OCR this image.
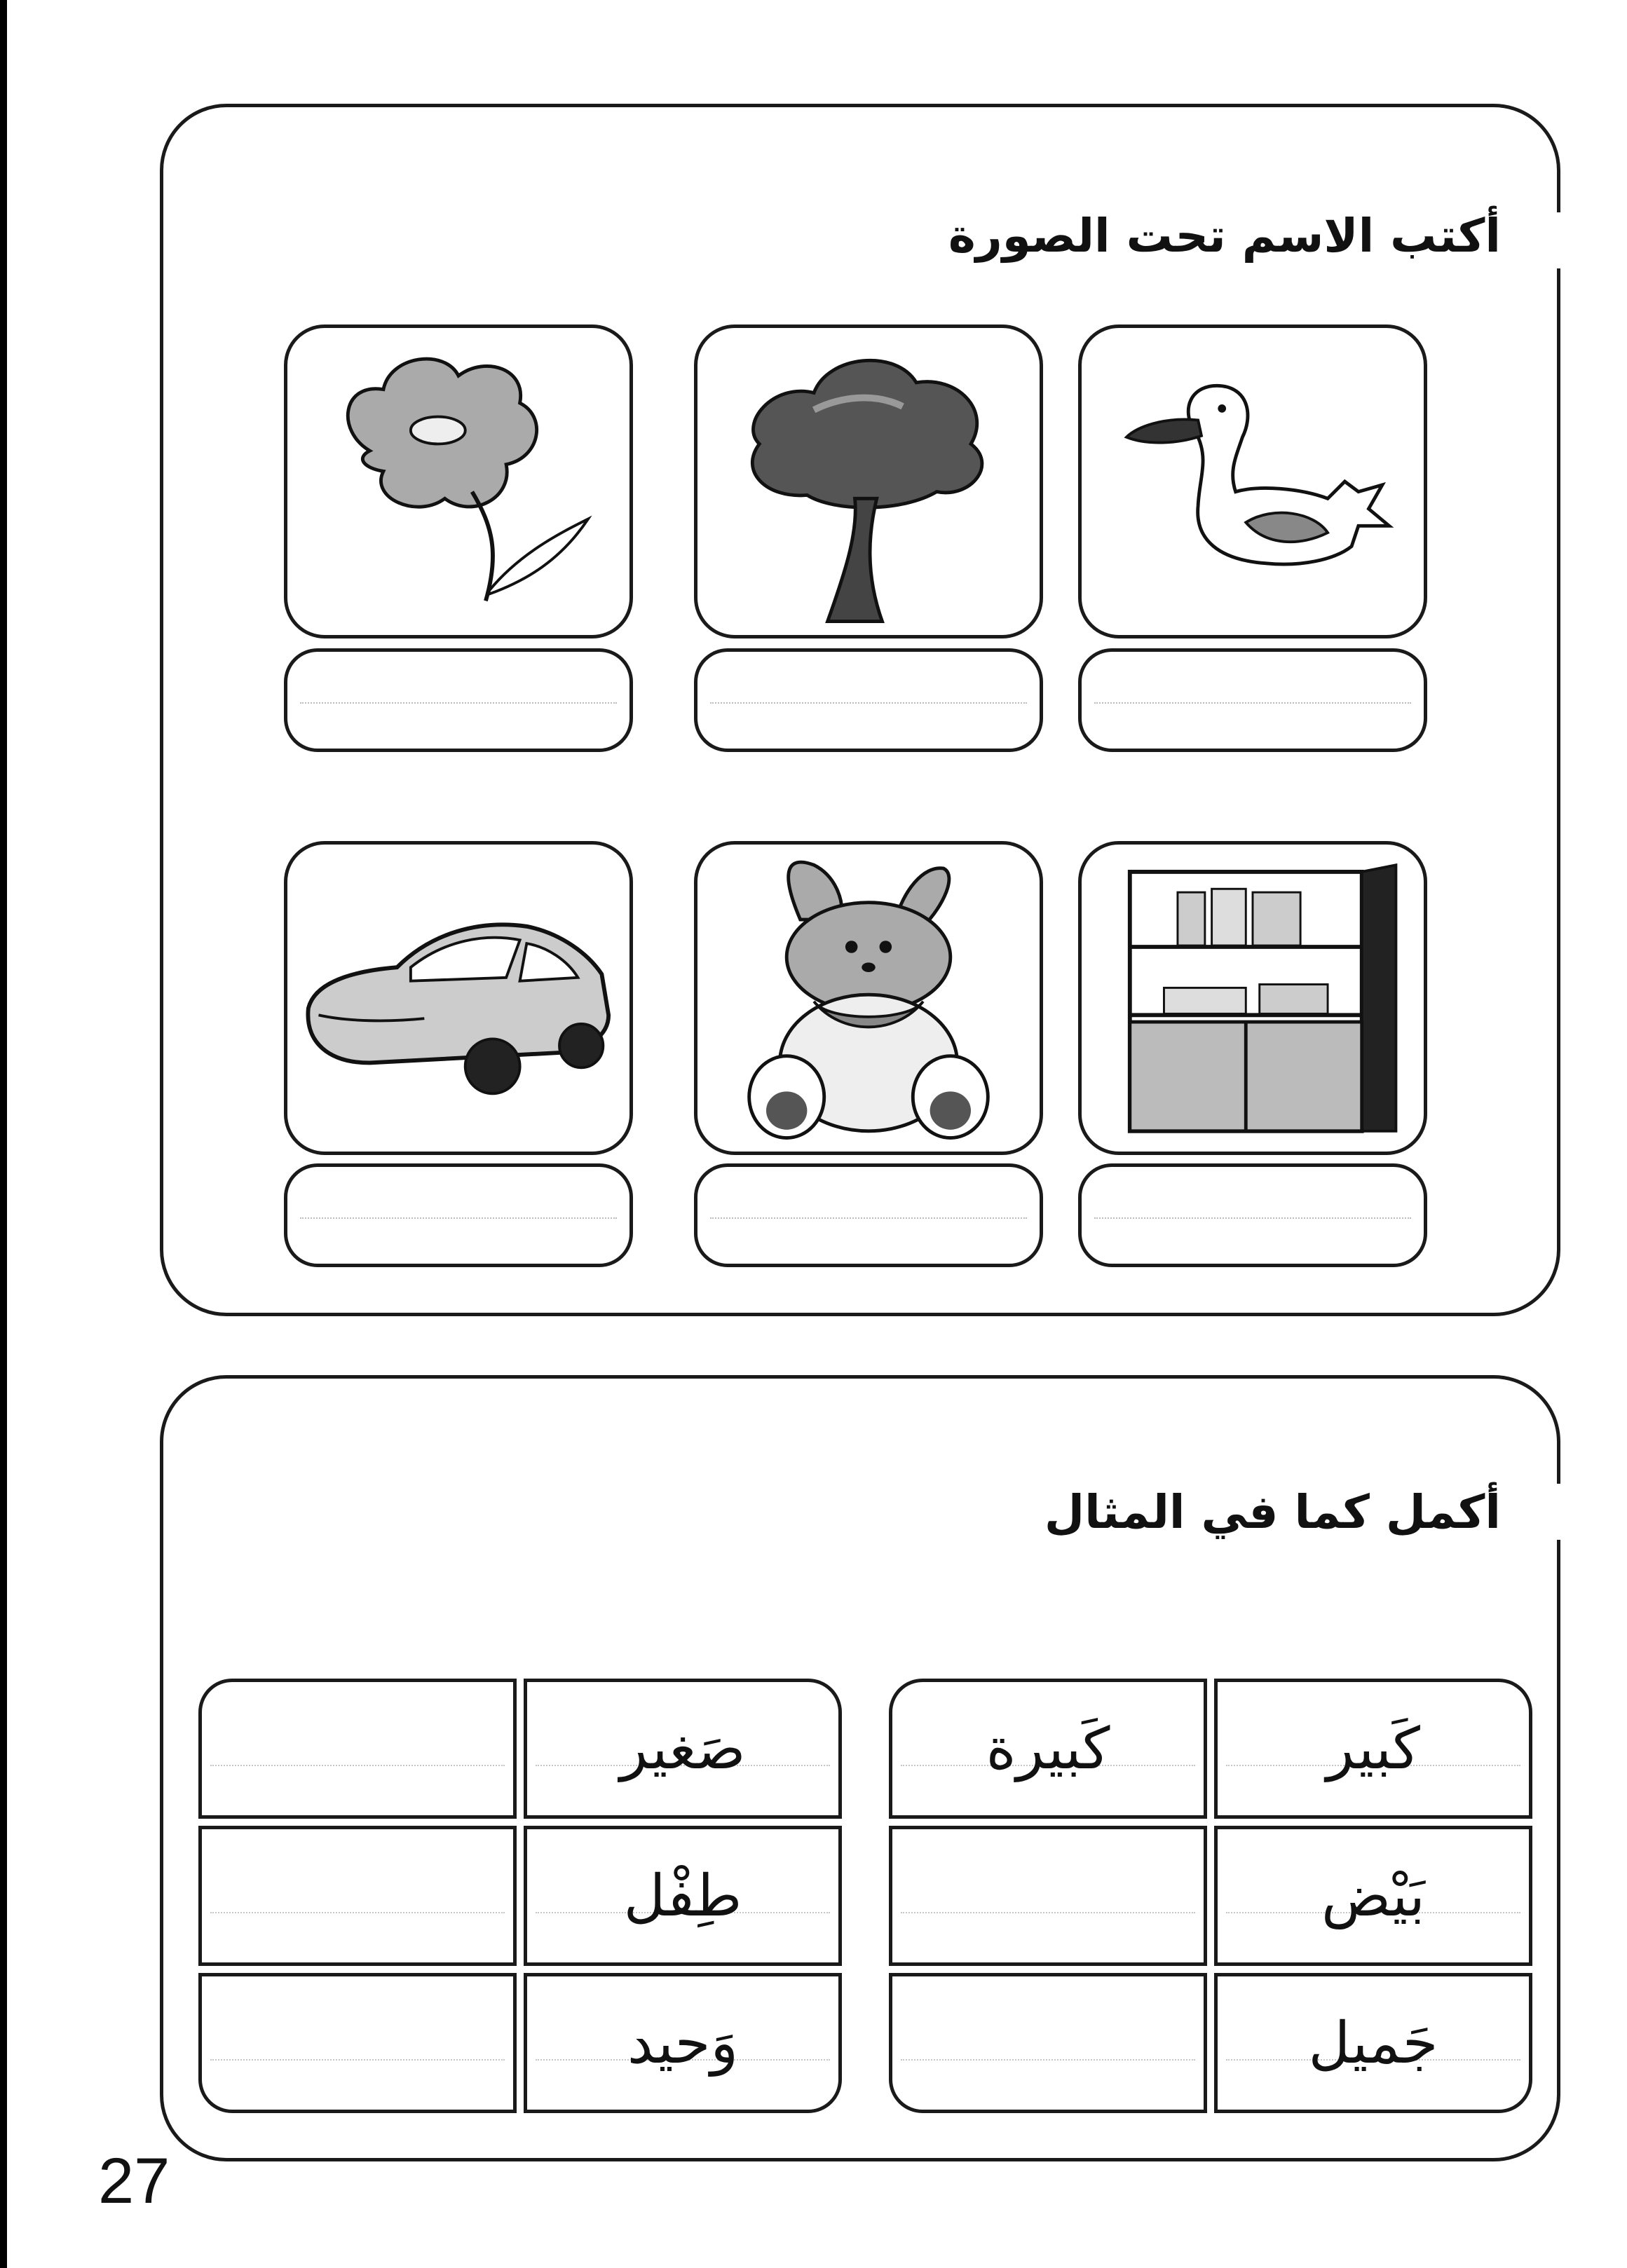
أكتب الاسم تحت الصورة
أكمل كما في المثال
كَبيرة	كَبير
بَيْض
جَميل
صَغير
طِفْل
وَحيد
27
